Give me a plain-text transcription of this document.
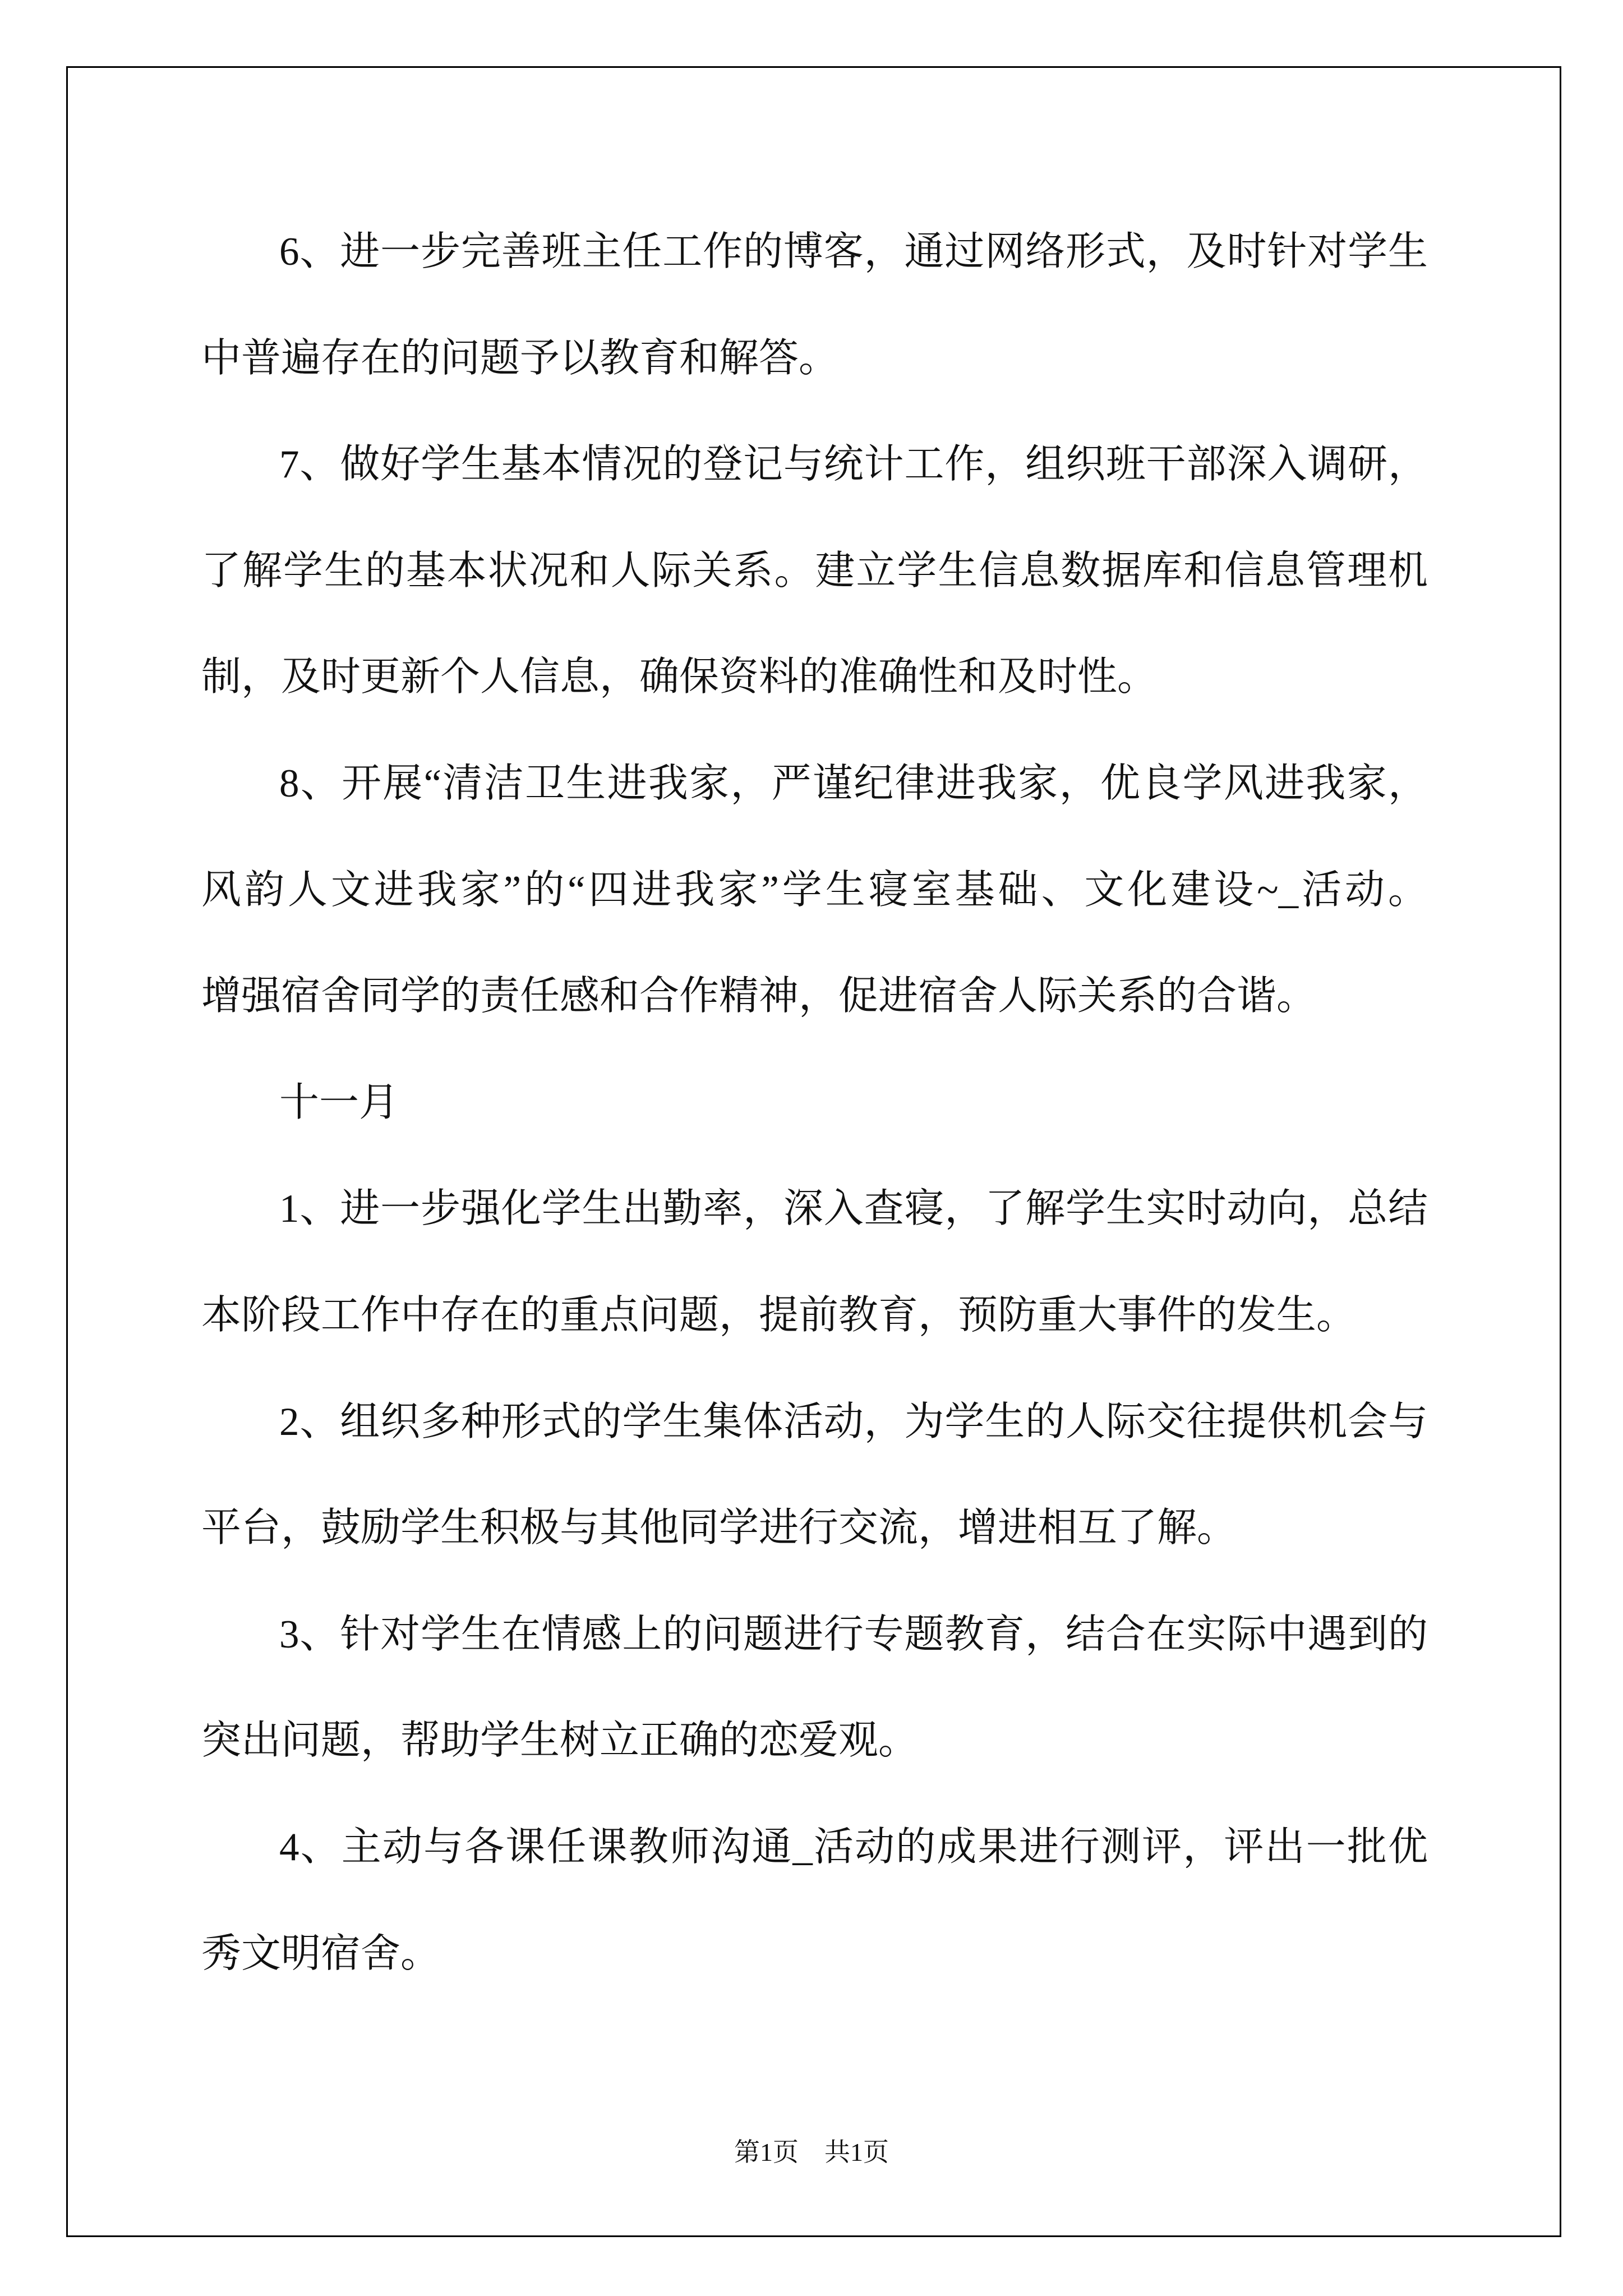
6、进一步完善班主任工作的博客，通过网络形式，及时针对学生
中普遍存在的问题予以教育和解答。
7、做好学生基本情况的登记与统计工作，组织班干部深入调研，
了解学生的基本状况和人际关系。建立学生信息数据库和信息管理机
制，及时更新个人信息，确保资料的准确性和及时性。
8、开展“清洁卫生进我家，严谨纪律进我家，优良学风进我家，
风韵人文进我家”的“四进我家”学生寝室基础、文化建设~_活动。
增强宿舍同学的责任感和合作精神，促进宿舍人际关系的合谐。
十一月
1、进一步强化学生出勤率，深入查寝，了解学生实时动向，总结
本阶段工作中存在的重点问题，提前教育，预防重大事件的发生。
2、组织多种形式的学生集体活动，为学生的人际交往提供机会与
平台，鼓励学生积极与其他同学进行交流，增进相互了解。
3、针对学生在情感上的问题进行专题教育，结合在实际中遇到的
突出问题，帮助学生树立正确的恋爱观。
4、主动与各课任课教师沟通_活动的成果进行测评，评出一批优
秀文明宿舍。
第1页　共1页
